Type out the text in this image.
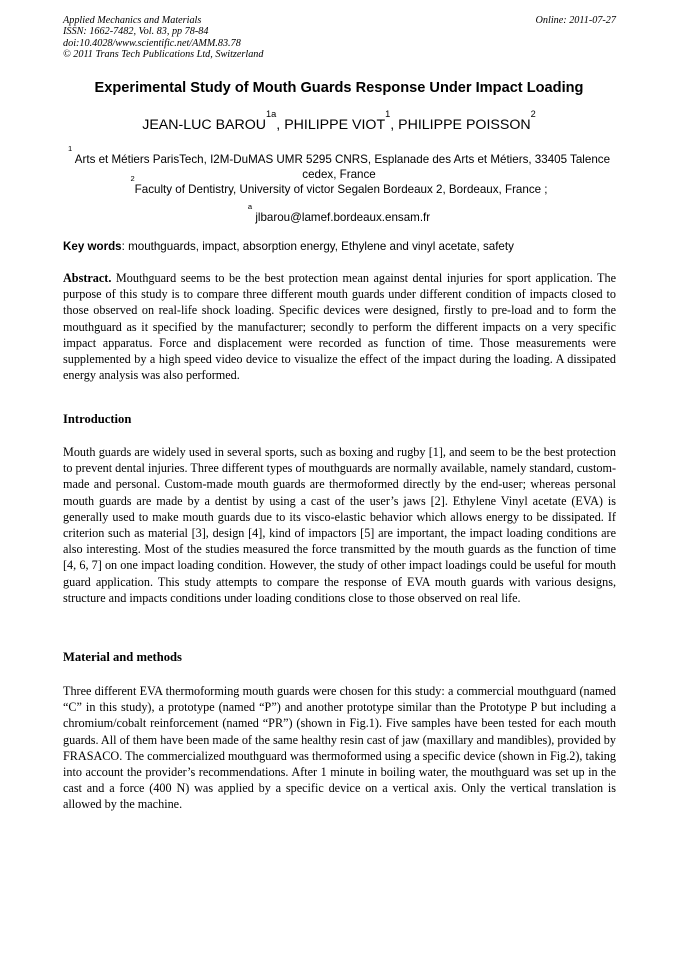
Applied Mechanics and Materials
ISSN: 1662-7482, Vol. 83, pp 78-84
doi:10.4028/www.scientific.net/AMM.83.78
© 2011 Trans Tech Publications Ltd, Switzerland
Online: 2011-07-27
Experimental Study of Mouth Guards Response Under Impact Loading
JEAN-LUC $BAROU^{1a}$, PHILIPPE VIOT$^1$, PHILIPPE POISSON$^2$
$^1$ Arts et Métiers ParisTech, I2M-DuMAS UMR 5295 CNRS, Esplanade des Arts et Métiers, 33405 Talence cedex, France
$^2$Faculty of Dentistry, University of victor Segalen Bordeaux 2, Bordeaux, France ;
$^a$ jlbarou@lamef.bordeaux.ensam.fr
Key words: mouthguards, impact, absorption energy, Ethylene and vinyl acetate, safety
Abstract. Mouthguard seems to be the best protection mean against dental injuries for sport application. The purpose of this study is to compare three different mouth guards under different condition of impacts closed to those observed on real-life shock loading. Specific devices were designed, firstly to pre-load and to form the mouthguard as it specified by the manufacturer; secondly to perform the different impacts on a very specific impact apparatus. Force and displacement were recorded as function of time. Those measurements were supplemented by a high speed video device to visualize the effect of the impact during the loading. A dissipated energy analysis was also performed.
Introduction
Mouth guards are widely used in several sports, such as boxing and rugby [1], and seem to be the best protection to prevent dental injuries. Three different types of mouthguards are normally available, namely standard, custom-made and personal. Custom-made mouth guards are thermoformed directly by the end-user; whereas personal mouth guards are made by a dentist by using a cast of the user’s jaws [2]. Ethylene Vinyl acetate (EVA) is generally used to make mouth guards due to its visco-elastic behavior which allows energy to be dissipated. If criterion such as material [3], design [4], kind of impactors [5] are important, the impact loading conditions are also interesting. Most of the studies measured the force transmitted by the mouth guards as the function of time [4, 6, 7] on one impact loading condition. However, the study of other impact loadings could be useful for mouth guard application. This study attempts to compare the response of EVA mouth guards with various designs, structure and impacts conditions under loading conditions close to those observed on real life.
Material and methods
Three different EVA thermoforming mouth guards were chosen for this study: a commercial mouthguard (named “C” in this study), a prototype (named “P”) and another prototype similar than the Prototype P but including a chromium/cobalt reinforcement (named “PR”) (shown in Fig.1). Five samples have been tested for each mouth guards. All of them have been made of the same healthy resin cast of jaw (maxillary and mandibles), provided by FRASACO. The commercialized mouthguard was thermoformed using a specific device (shown in Fig.2), taking into account the provider’s recommendations. After 1 minute in boiling water, the mouthguard was set up in the cast and a force (400 N) was applied by a specific device on a vertical axis. Only the vertical translation is allowed by the machine.
